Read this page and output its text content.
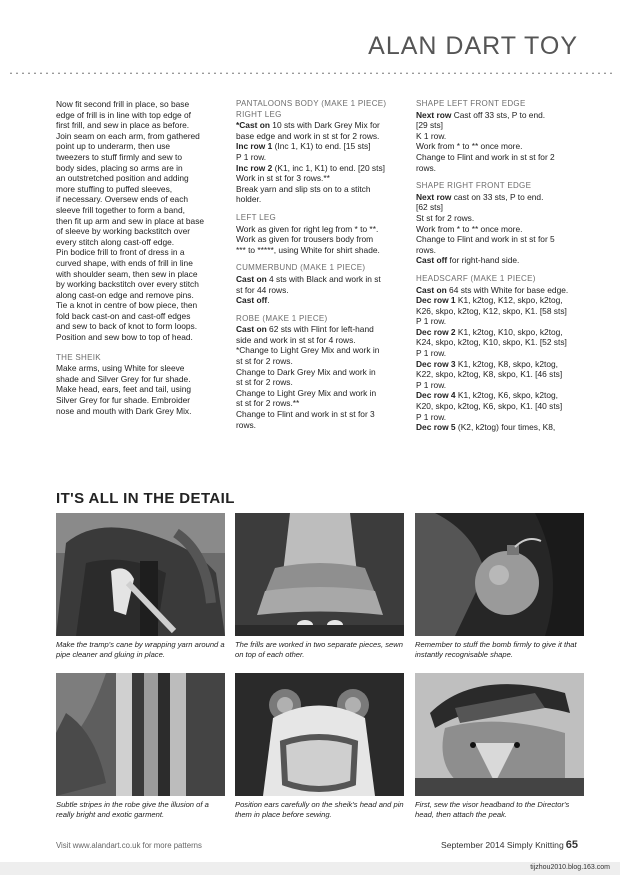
ALAN DART TOY

Now fit second frill in place, so base
edge of frill is in line with top edge of
first frill, and sew in place as before.
Join seam on each arm, from gathered
point up to underarm, then use
tweezers to stuff firmly and sew to
body sides, placing so arms are in
an outstretched position and adding
more stuffing to puffed sleeves,
if necessary. Oversew ends of each
sleeve frill together to form a band,
then fit up arm and sew in place at base
of sleeve by working backstitch over
every stitch along cast-off edge.
Pin bodice frill to front of dress in a
curved shape, with ends of frill in line
with shoulder seam, then sew in place
by working backstitch over every stitch
along cast-on edge and remove pins.
Tie a knot in centre of bow piece, then
fold back cast-on and cast-off edges
and sew to back of knot to form loops.
Position and sew bow to top of head.

THE SHEIK

Make arms, using White for sleeve
shade and Silver Grey for fur shade.
Make head, ears, feet and tail, using
Silver Grey for fur shade. Embroider
nose and mouth with Dark Grey Mix.

PANTALOONS BODY (MAKE 1 PIECE)

RIGHT LEG

*Cast on 10 sts with Dark Grey Mix for
base edge and work in st st for 2 rows.
Inc row 1 (Inc 1, K1) to end. [15 sts]
P 1 row.
Inc row 2 (K1, inc 1, K1) to end. [20 sts]
Work in st st for 3 rows.**
Break yarn and slip sts on to a stitch
holder.

LEFT LEG

Work as given for right leg from * to **.
Work as given for trousers body from
*** to *****, using White for shirt shade.

CUMMERBUND (MAKE 1 PIECE)

Cast on 4 sts with Black and work in st
st for 44 rows.
Cast off.

ROBE (MAKE 1 PIECE)

Cast on 62 sts with Flint for left-hand
side and work in st st for 4 rows.
*Change to Light Grey Mix and work in
st st for 2 rows.
Change to Dark Grey Mix and work in
st st for 2 rows.
Change to Light Grey Mix and work in
st st for 2 rows.**
Change to Flint and work in st st for 3
rows.

SHAPE LEFT FRONT EDGE

Next row Cast off 33 sts, P to end.
[29 sts]
K 1 row.
Work from * to ** once more.
Change to Flint and work in st st for 2
rows.

SHAPE RIGHT FRONT EDGE

Next row cast on 33 sts, P to end.
[62 sts]
St st for 2 rows.
Work from * to ** once more.
Change to Flint and work in st st for 5
rows.
Cast off for right-hand side.

HEADSCARF (MAKE 1 PIECE)

Cast on 64 sts with White for base edge.
Dec row 1 K1, k2tog, K12, skpo, k2tog,
K26, skpo, k2tog, K12, skpo, K1. [58 sts]
P 1 row.
Dec row 2 K1, k2tog, K10, skpo, k2tog,
K24, skpo, k2tog, K10, skpo, K1. [52 sts]
P 1 row.
Dec row 3 K1, k2tog, K8, skpo, k2tog,
K22, skpo, k2tog, K8, skpo, K1. [46 sts]
P 1 row.
Dec row 4 K1, k2tog, K6, skpo, k2tog,
K20, skpo, k2tog, K6, skpo, K1. [40 sts]
P 1 row.
Dec row 5 (K2, k2tog) four times, K8,

IT'S ALL IN THE DETAIL
Make the tramp's cane by wrapping yarn around a pipe cleaner and gluing in place.
The frills are worked in two separate pieces, sewn on top of each other.
Remember to stuff the bomb firmly to give it that instantly recognisable shape.
Subtle stripes in the robe give the illusion of a really bright and exotic garment.
Position ears carefully on the sheik's head and pin them in place before sewing.
First, sew the visor headband to the Director's head, then attach the peak.
Visit www.alandart.co.uk for more patterns	September 2014 Simply Knitting 65
tijzhou2010.blog.163.com
